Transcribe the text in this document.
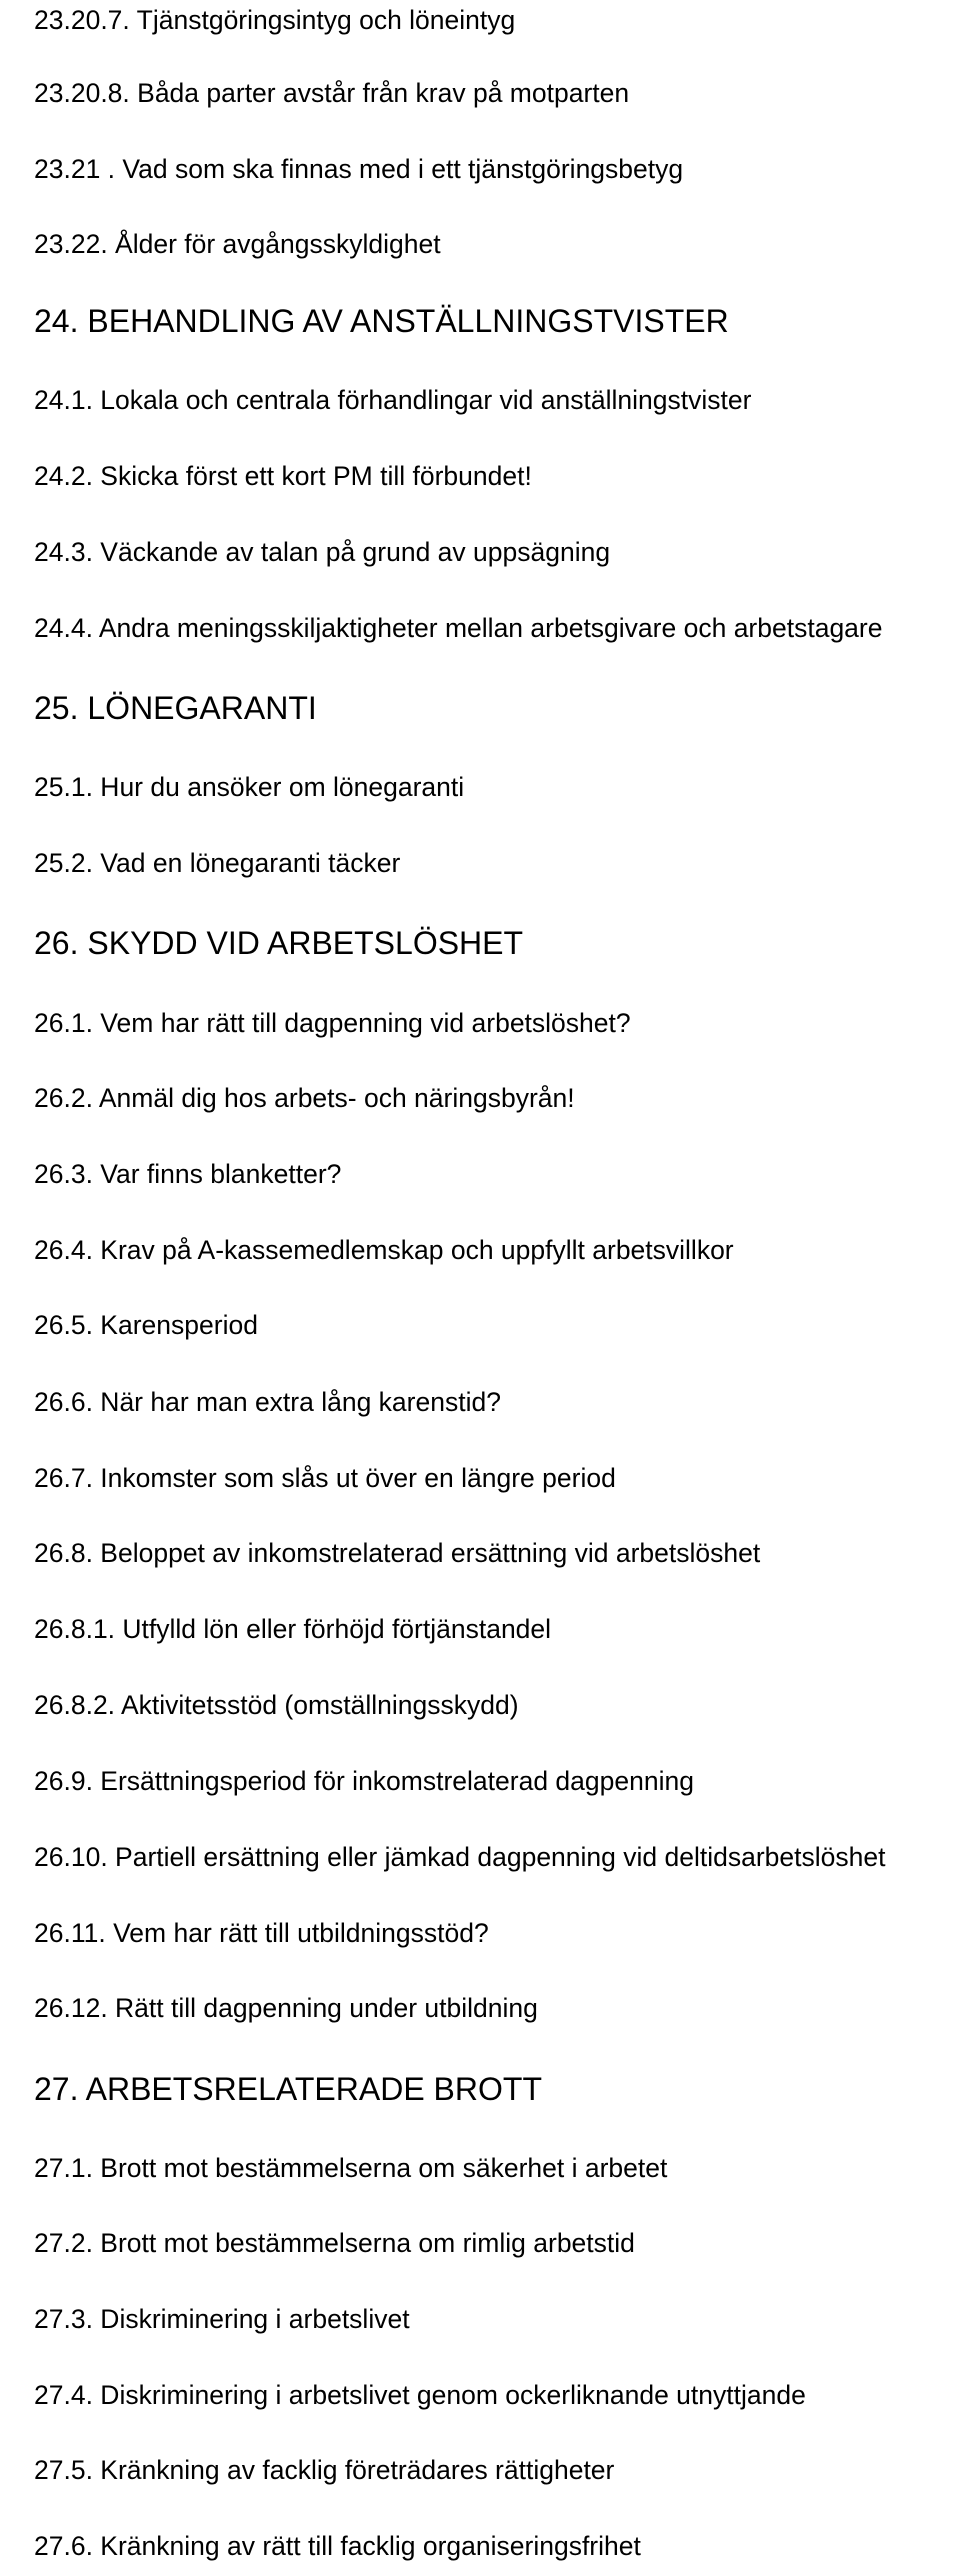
23.20.7. Tjänstgöringsintyg och löneintyg
23.20.8. Båda parter avstår från krav på motparten
23.21 . Vad som ska finnas med i ett tjänstgöringsbetyg
23.22. Ålder för avgångsskyldighet
24. BEHANDLING AV ANSTÄLLNINGSTVISTER
24.1. Lokala och centrala förhandlingar vid anställningstvister
24.2. Skicka först ett kort PM till förbundet!
24.3. Väckande av talan på grund av uppsägning
24.4. Andra meningsskiljaktigheter mellan arbetsgivare och arbetstagare
25. LÖNEGARANTI
25.1. Hur du ansöker om lönegaranti
25.2. Vad en lönegaranti täcker
26. SKYDD VID ARBETSLÖSHET
26.1. Vem har rätt till dagpenning vid arbetslöshet?
26.2. Anmäl dig hos arbets- och näringsbyrån!
26.3. Var finns blanketter?
26.4. Krav på A-kassemedlemskap och uppfyllt arbetsvillkor
26.5. Karensperiod
26.6. När har man extra lång karenstid?
26.7. Inkomster som slås ut över en längre period
26.8. Beloppet av inkomstrelaterad ersättning vid arbetslöshet
26.8.1. Utfylld lön eller förhöjd förtjänstandel
26.8.2. Aktivitetsstöd (omställningsskydd)
26.9. Ersättningsperiod för inkomstrelaterad dagpenning
26.10. Partiell ersättning eller jämkad dagpenning vid deltidsarbetslöshet
26.11. Vem har rätt till utbildningsstöd?
26.12. Rätt till dagpenning under utbildning
27. ARBETSRELATERADE BROTT
27.1. Brott mot bestämmelserna om säkerhet i arbetet
27.2. Brott mot bestämmelserna om rimlig arbetstid
27.3. Diskriminering i arbetslivet
27.4. Diskriminering i arbetslivet genom ockerliknande utnyttjande
27.5. Kränkning av facklig företrädares rättigheter
27.6. Kränkning av rätt till facklig organiseringsfrihet
